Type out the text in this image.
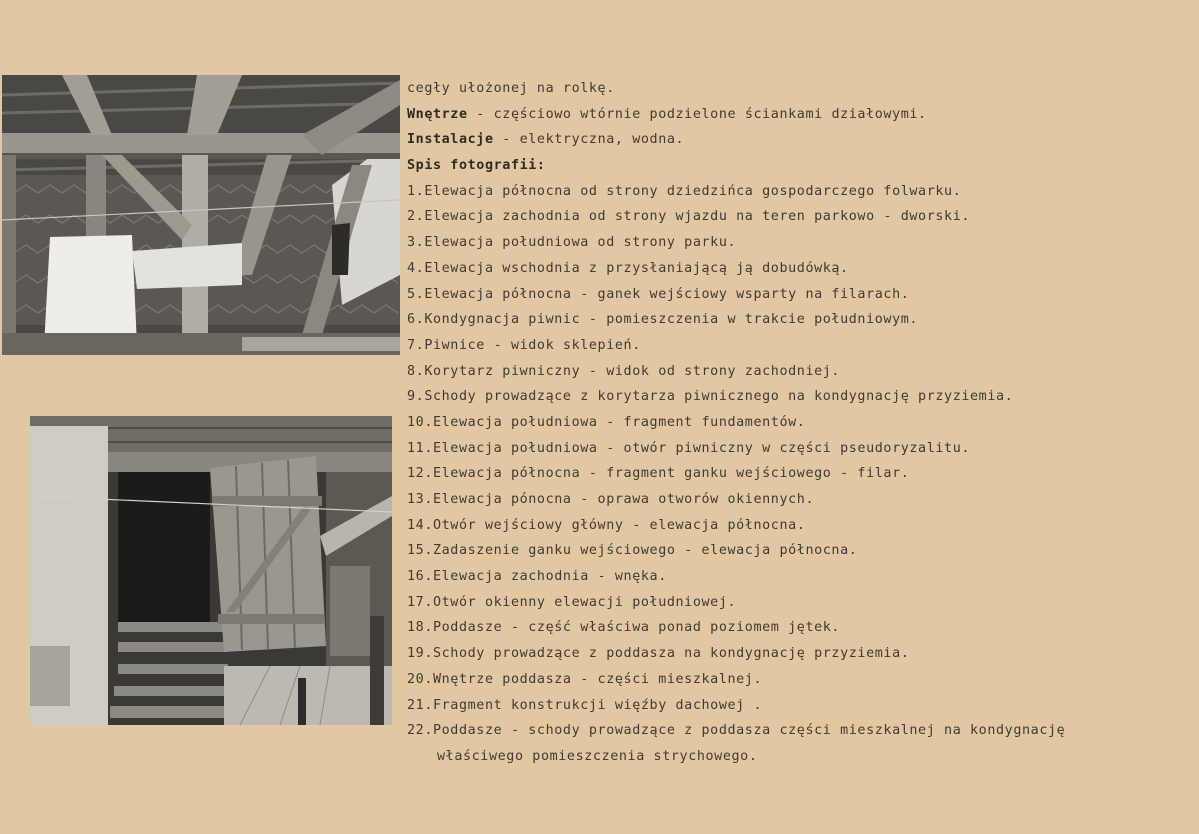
cegły ułożonej na rolkę.
Wnętrze - częściowo wtórnie podzielone ściankami działowymi.
Instalacje - elektryczna, wodna.
Spis fotografii:
1.Elewacja północna od strony dziedzińca gospodarczego folwarku.
2.Elewacja zachodnia od strony wjazdu na teren parkowo - dworski.
3.Elewacja południowa od strony parku.
4.Elewacja wschodnia z przysłaniającą ją dobudówką.
5.Elewacja północna - ganek wejściowy wsparty na filarach.
6.Kondygnacja piwnic - pomieszczenia w trakcie południowym.
7.Piwnice - widok sklepień.
8.Korytarz piwniczny - widok od strony zachodniej.
9.Schody prowadzące z korytarza piwnicznego na kondygnację przyziemia.
10.Elewacja południowa - fragment fundamentów.
11.Elewacja południowa - otwór piwniczny w części pseudoryzalitu.
12.Elewacja północna - fragment ganku wejściowego - filar.
13.Elewacja pónocna - oprawa otworów okiennych.
14.Otwór wejściowy główny - elewacja północna.
15.Zadaszenie ganku wejściowego - elewacja północna.
16.Elewacja zachodnia - wnęka.
17.Otwór okienny elewacji południowej.
18.Poddasze - część właściwa ponad poziomem jętek.
19.Schody prowadzące z poddasza na kondygnację przyziemia.
20.Wnętrze poddasza - części mieszkalnej.
21.Fragment konstrukcji więźby dachowej .
22.Poddasze - schody prowadzące z poddasza części mieszkalnej na kondygnację
właściwego pomieszczenia strychowego.
